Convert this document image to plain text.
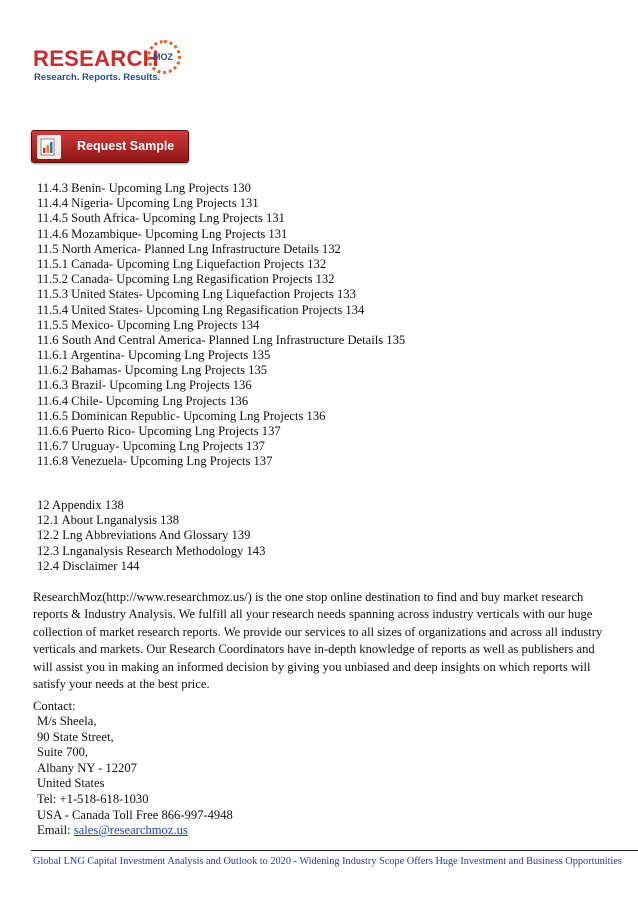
RESEARCH
MOZ
Research. Reports. Results.
Request Sample
11.4.3 Benin- Upcoming Lng Projects 130
11.4.4 Nigeria- Upcoming Lng Projects 131
11.4.5 South Africa- Upcoming Lng Projects 131
11.4.6 Mozambique- Upcoming Lng Projects 131
11.5 North America- Planned Lng Infrastructure Details 132
11.5.1 Canada- Upcoming Lng Liquefaction Projects 132
11.5.2 Canada- Upcoming Lng Regasification Projects 132
11.5.3 United States- Upcoming Lng Liquefaction Projects 133
11.5.4 United States- Upcoming Lng Regasification Projects 134
11.5.5 Mexico- Upcoming Lng Projects 134
11.6 South And Central America- Planned Lng Infrastructure Details 135
11.6.1 Argentina- Upcoming Lng Projects 135
11.6.2 Bahamas- Upcoming Lng Projects 135
11.6.3 Brazil- Upcoming Lng Projects 136
11.6.4 Chile- Upcoming Lng Projects 136
11.6.5 Dominican Republic- Upcoming Lng Projects 136
11.6.6 Puerto Rico- Upcoming Lng Projects 137
11.6.7 Uruguay- Upcoming Lng Projects 137
11.6.8 Venezuela- Upcoming Lng Projects 137
12 Appendix 138
12.1 About Lnganalysis 138
12.2 Lng Abbreviations And Glossary 139
12.3 Lnganalysis Research Methodology 143
12.4 Disclaimer 144

ResearchMoz(http://www.researchmoz.us/) is the one stop online destination to find and buy market research reports & Industry Analysis. We fulfill all your research needs spanning across industry verticals with our huge collection of market research reports. We provide our services to all sizes of organizations and across all industry verticals and markets. Our Research Coordinators have in-depth knowledge of reports as well as publishers and will assist you in making an informed decision by giving you unbiased and deep insights on which reports will satisfy your needs at the best price.

Contact:
M/s Sheela,
90 State Street,
Suite 700,
Albany NY - 12207
United States
Tel: +1-518-618-1030
USA - Canada Toll Free 866-997-4948
Email: sales@researchmoz.us
Global LNG Capital Investment Analysis and Outlook to 2020 - Widening Industry Scope Offers Huge Investment and Business Opportunities
